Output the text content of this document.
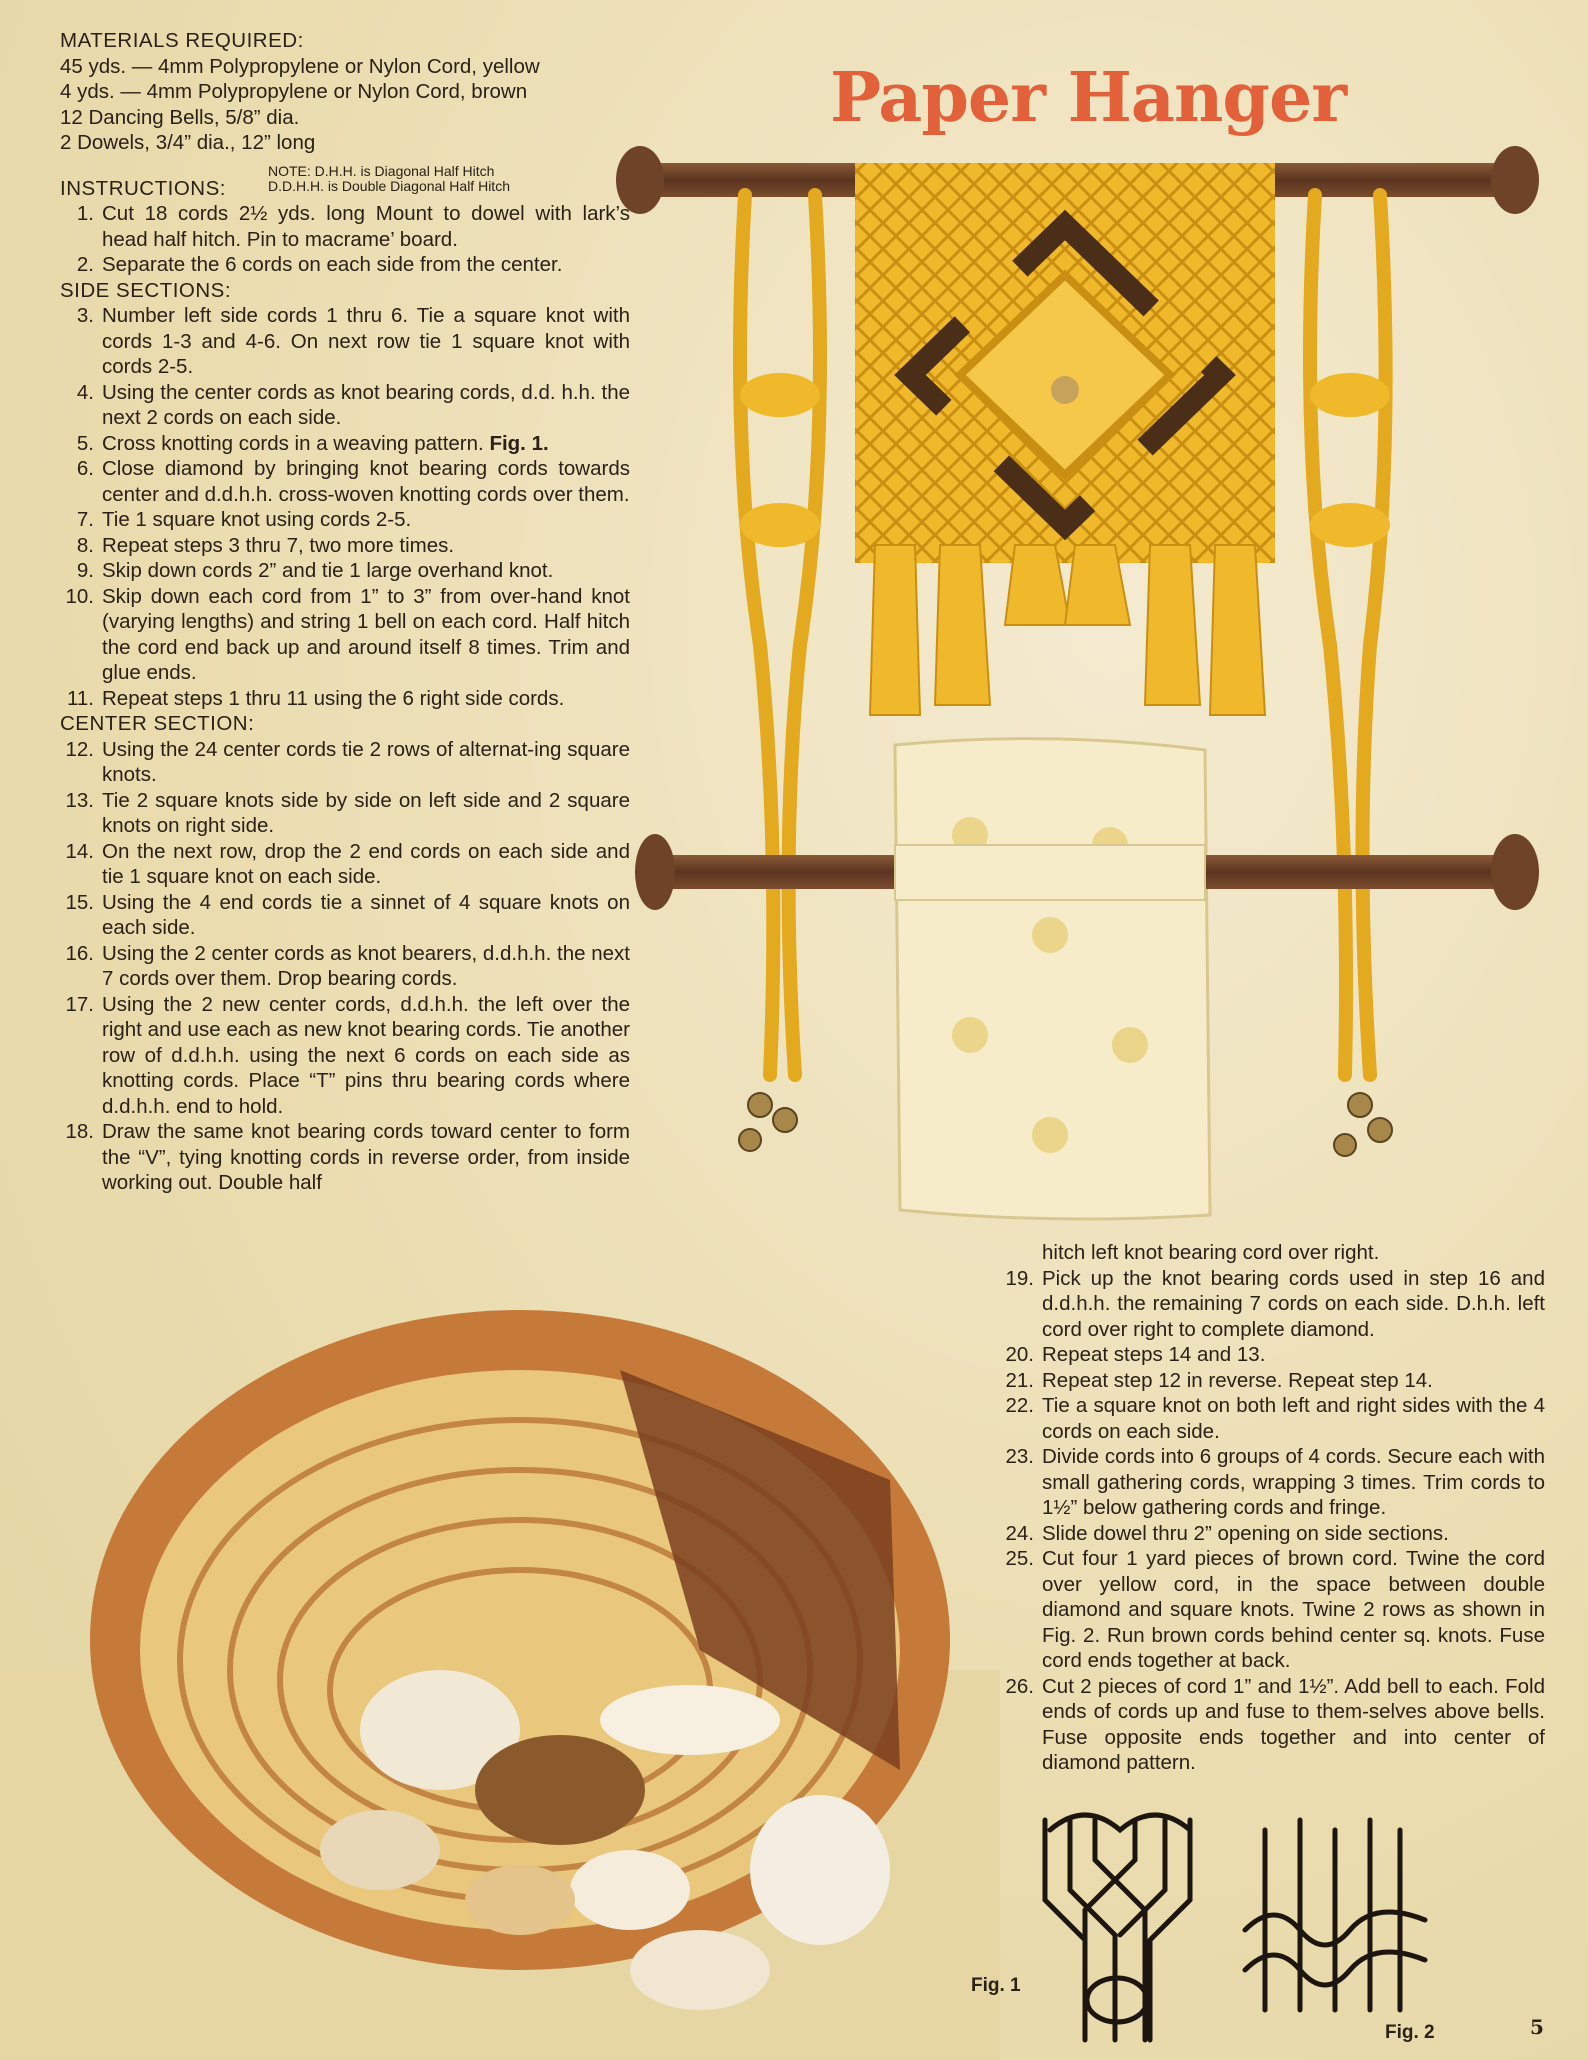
Paper Hanger
MATERIALS REQUIRED:
45 yds. — 4mm Polypropylene or Nylon Cord, yellow
4 yds. — 4mm Polypropylene or Nylon Cord, brown
12 Dancing Bells, 5/8” dia.
2 Dowels, 3/4” dia., 12” long
INSTRUCTIONS:
1. Cut 18 cords 2½ yds. long Mount to dowel with lark’s head half hitch. Pin to macrame’ board.
2. Separate the 6 cords on each side from the center.
SIDE SECTIONS:
3. Number left side cords 1 thru 6. Tie a square knot with cords 1-3 and 4-6. On next row tie 1 square knot with cords 2-5.
4. Using the center cords as knot bearing cords, d.d. h.h. the next 2 cords on each side.
5. Cross knotting cords in a weaving pattern. Fig. 1.
6. Close diamond by bringing knot bearing cords towards center and d.d.h.h. cross-woven knotting cords over them.
7. Tie 1 square knot using cords 2-5.
8. Repeat steps 3 thru 7, two more times.
9. Skip down cords 2” and tie 1 large overhand knot.
10. Skip down each cord from 1” to 3” from over-hand knot (varying lengths) and string 1 bell on each cord. Half hitch the cord end back up and around itself 8 times. Trim and glue ends.
11. Repeat steps 1 thru 11 using the 6 right side cords.
CENTER SECTION:
12. Using the 24 center cords tie 2 rows of alternat-ing square knots.
13. Tie 2 square knots side by side on left side and 2 square knots on right side.
14. On the next row, drop the 2 end cords on each side and tie 1 square knot on each side.
15. Using the 4 end cords tie a sinnet of 4 square knots on each side.
16. Using the 2 center cords as knot bearers, d.d.h.h. the next 7 cords over them. Drop bearing cords.
17. Using the 2 new center cords, d.d.h.h. the left over the right and use each as new knot bearing cords. Tie another row of d.d.h.h. using the next 6 cords on each side as knotting cords. Place “T” pins thru bearing cords where d.d.h.h. end to hold.
18. Draw the same knot bearing cords toward center to form the “V”, tying knotting cords in reverse order, from inside working out. Double half
NOTE: D.H.H. is Diagonal Half Hitch
D.D.H.H. is Double Diagonal Half Hitch
hitch left knot bearing cord over right.
19. Pick up the knot bearing cords used in step 16 and d.d.h.h. the remaining 7 cords on each side. D.h.h. left cord over right to complete diamond.
20. Repeat steps 14 and 13.
21. Repeat step 12 in reverse. Repeat step 14.
22. Tie a square knot on both left and right sides with the 4 cords on each side.
23. Divide cords into 6 groups of 4 cords. Secure each with small gathering cords, wrapping 3 times. Trim cords to 1½” below gathering cords and fringe.
24. Slide dowel thru 2” opening on side sections.
25. Cut four 1 yard pieces of brown cord. Twine the cord over yellow cord, in the space between double diamond and square knots. Twine 2 rows as shown in Fig. 2. Run brown cords behind center sq. knots. Fuse cord ends together at back.
26. Cut 2 pieces of cord 1” and 1½”. Add bell to each. Fold ends of cords up and fuse to them-selves above bells. Fuse opposite ends together and into center of diamond pattern.
Fig. 1
Fig. 2	5
